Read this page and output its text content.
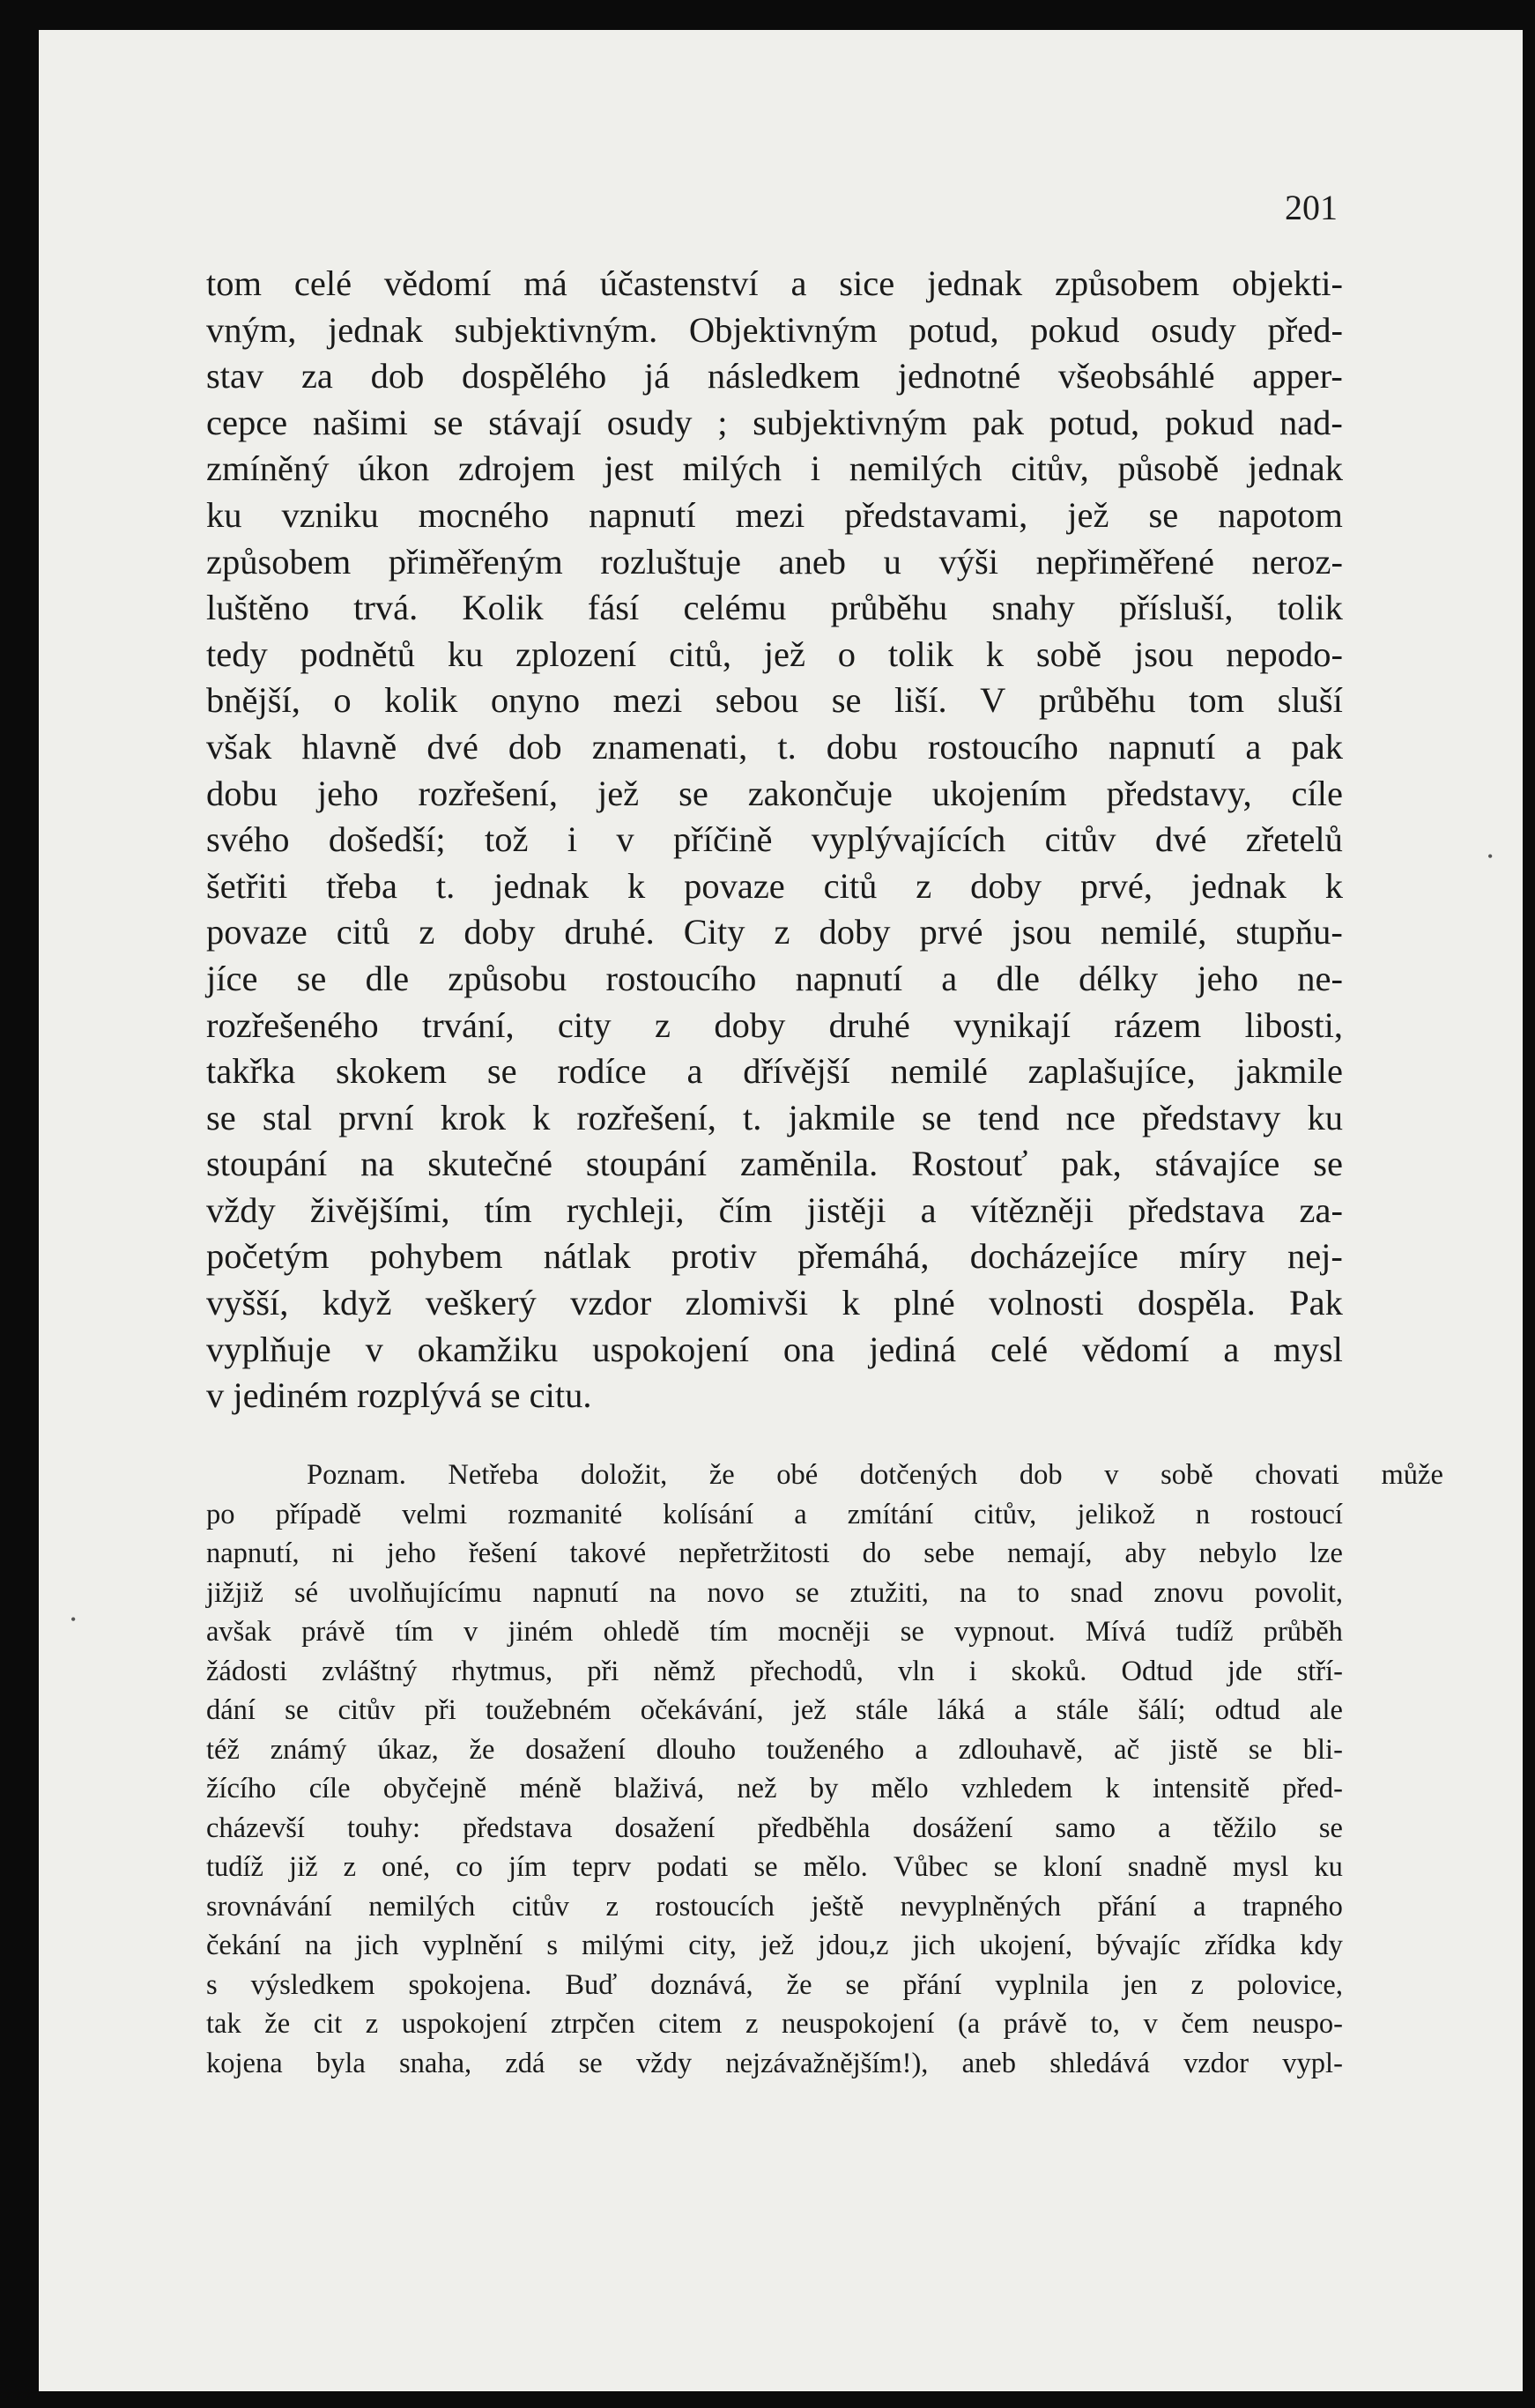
201
tom celé vědomí má účastenství a sice jednak způsobem objekti-
vným, jednak subjektivným. Objektivným potud, pokud osudy před-
stav za dob dospělého já následkem jednotné všeobsáhlé apper-
cepce našimi se stávají osudy ; subjektivným pak potud, pokud nad-
zmíněný úkon zdrojem jest milých i nemilých citův, působě jednak
ku vzniku mocného napnutí mezi představami, jež se napotom
způsobem přiměřeným rozluštuje aneb u výši nepřiměřené neroz-
luštěno trvá. Kolik fásí celému průběhu snahy přísluší, tolik
tedy podnětů ku zplození citů, jež o tolik k sobě jsou nepodo-
bnější, o kolik onyno mezi sebou se liší. V průběhu tom sluší
však hlavně dvé dob znamenati, t. dobu rostoucího napnutí a pak
dobu jeho rozřešení, jež se zakončuje ukojením představy, cíle
svého došedší; tož i v příčině vyplývajících citův dvé zřetelů
šetřiti třeba t. jednak k povaze citů z doby prvé, jednak k
povaze citů z doby druhé. City z doby prvé jsou nemilé, stupňu-
jíce se dle způsobu rostoucího napnutí a dle délky jeho ne-
rozřešeného trvání, city z doby druhé vynikají rázem libosti,
takřka skokem se rodíce a dřívější nemilé zaplašujíce, jakmile
se stal první krok k rozřešení, t. jakmile se tend nce představy ku
stoupání na skutečné stoupání zaměnila. Rostouť pak, stávajíce se
vždy živějšími, tím rychleji, čím jistěji a vítězněji představa za-
početým pohybem nátlak protiv přemáhá, docházejíce míry nej-
vyšší, když veškerý vzdor zlomivši k plné volnosti dospěla. Pak
vyplňuje v okamžiku uspokojení ona jediná celé vědomí a mysl
v jediném rozplývá se citu.
Poznam. Netřeba doložit, že obé dotčených dob v sobě chovati může
po případě velmi rozmanité kolísání a zmítání citův, jelikož n rostoucí
napnutí, ni jeho řešení takové nepřetržitosti do sebe nemají, aby nebylo lze
jižjiž sé uvolňujícímu napnutí na novo se ztužiti, na to snad znovu povolit,
avšak právě tím v jiném ohledě tím mocněji se vypnout. Mívá tudíž průběh
žádosti zvláštný rhytmus, při němž přechodů, vln i skoků. Odtud jde stří-
dání se citův při toužebném očekávání, jež stále láká a stále šálí; odtud ale
též známý úkaz, že dosažení dlouho touženého a zdlouhavě, ač jistě se bli-
žícího cíle obyčejně méně blaživá, než by mělo vzhledem k intensitě před-
cházevší touhy: představa dosažení předběhla dosážení samo a těžilo se
tudíž již z oné, co jím teprv podati se mělo. Vůbec se kloní snadně mysl ku
srovnávání nemilých citův z rostoucích ještě nevyplněných přání a trapného
čekání na jich vyplnění s milými city, jež jdou,z jich ukojení, bývajíc zřídka kdy
s výsledkem spokojena. Buď doznává, že se přání vyplnila jen z polovice,
tak že cit z uspokojení ztrpčen citem z neuspokojení (a právě to, v čem neuspo-
kojena byla snaha, zdá se vždy nejzávažnějším!), aneb shledává vzdor vypl-
•
•
